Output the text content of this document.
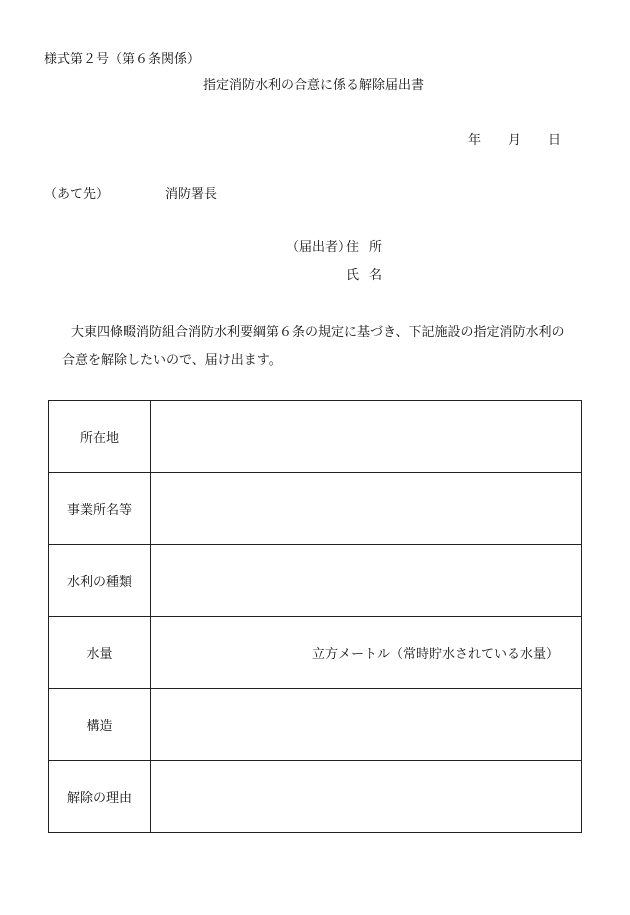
様式第２号（第６条関係）
指定消防水利の合意に係る解除届出書
年 月 日
（あて先）	消防署長
（届出者）
住所
氏名
大東四條畷消防組合消防水利要綱第６条の規定に基づき、下記施設の指定消防水利の
合意を解除したいので、届け出ます。
所在地	
事業所名等	
水利の種類	
水量	立方メートル（常時貯水されている水量）
構造	
解除の理由	
